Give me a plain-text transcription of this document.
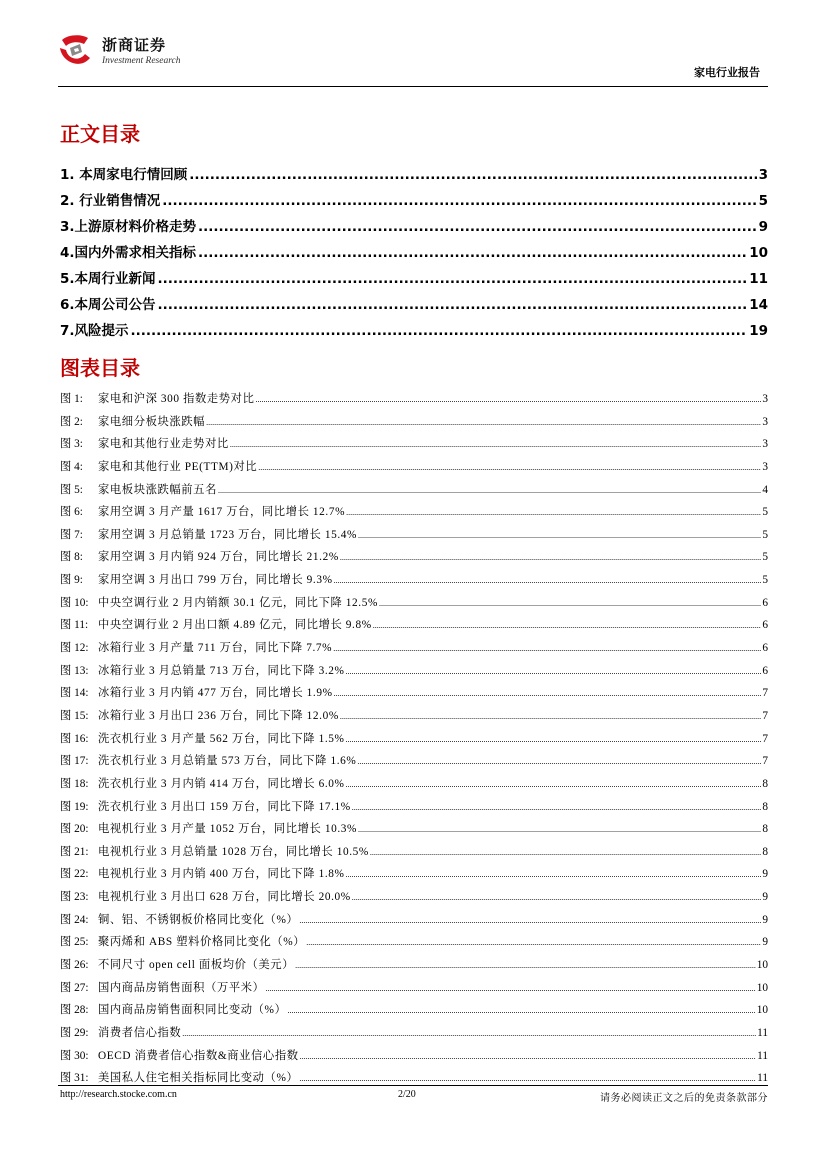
浙商证券
Investment Research
家电行业报告
正文目录
1. 本周家电行情回顾 .....	3
2. 行业销售情况 .....	5
3.上游原材料价格走势 .....	9
4.国内外需求相关指标 .....	10
5.本周行业新闻 .....	11
6.本周公司公告 .....	14
7.风险提示 .....	19
图表目录
图 1:	家电和沪深 300 指数走势对比 .....	3
图 2:	家电细分板块涨跌幅 .....	3
图 3:	家电和其他行业走势对比 .....	3
图 4:	家电和其他行业 PE(TTM)对比 .....	3
图 5:	家电板块涨跌幅前五名 .....	4
图 6:	家用空调 3 月产量 1617 万台，同比增长 12.7% .....	5
图 7:	家用空调 3 月总销量 1723 万台，同比增长 15.4% .....	5
图 8:	家用空调 3 月内销 924 万台，同比增长 21.2% .....	5
图 9:	家用空调 3 月出口 799 万台，同比增长 9.3% .....	5
图 10: 中央空调行业 2 月内销额 30.1 亿元，同比下降 12.5% .....	6
图 11: 中央空调行业 2 月出口额 4.89 亿元，同比增长 9.8% .....	6
图 12: 冰箱行业 3 月产量 711 万台，同比下降 7.7% .....	6
图 13: 冰箱行业 3 月总销量 713 万台，同比下降 3.2% .....	6
图 14: 冰箱行业 3 月内销 477 万台，同比增长 1.9% .....	7
图 15: 冰箱行业 3 月出口 236 万台，同比下降 12.0% .....	7
图 16: 洗衣机行业 3 月产量 562 万台，同比下降 1.5% .....	7
图 17: 洗衣机行业 3 月总销量 573 万台，同比下降 1.6% .....	7
图 18: 洗衣机行业 3 月内销 414 万台，同比增长 6.0% .....	8
图 19: 洗衣机行业 3 月出口 159 万台，同比下降 17.1% .....	8
图 20: 电视机行业 3 月产量 1052 万台，同比增长 10.3% .....	8
图 21: 电视机行业 3 月总销量 1028 万台，同比增长 10.5% .....	8
图 22: 电视机行业 3 月内销 400 万台，同比下降 1.8% .....	9
图 23: 电视机行业 3 月出口 628 万台，同比增长 20.0% .....	9
图 24: 铜、铝、不锈钢板价格同比变化（%） .....	9
图 25: 聚丙烯和 ABS 塑料价格同比变化（%） .....	9
图 26: 不同尺寸 open cell 面板均价（美元） .....	10
图 27: 国内商品房销售面积（万平米） .....	10
图 28: 国内商品房销售面积同比变动（%） .....	10
图 29: 消费者信心指数 .....	11
图 30: OECD 消费者信心指数&商业信心指数 .....	11
图 31: 美国私人住宅相关指标同比变动（%） .....	11
http://research.stocke.com.cn	2/20	请务必阅读正文之后的免责条款部分
